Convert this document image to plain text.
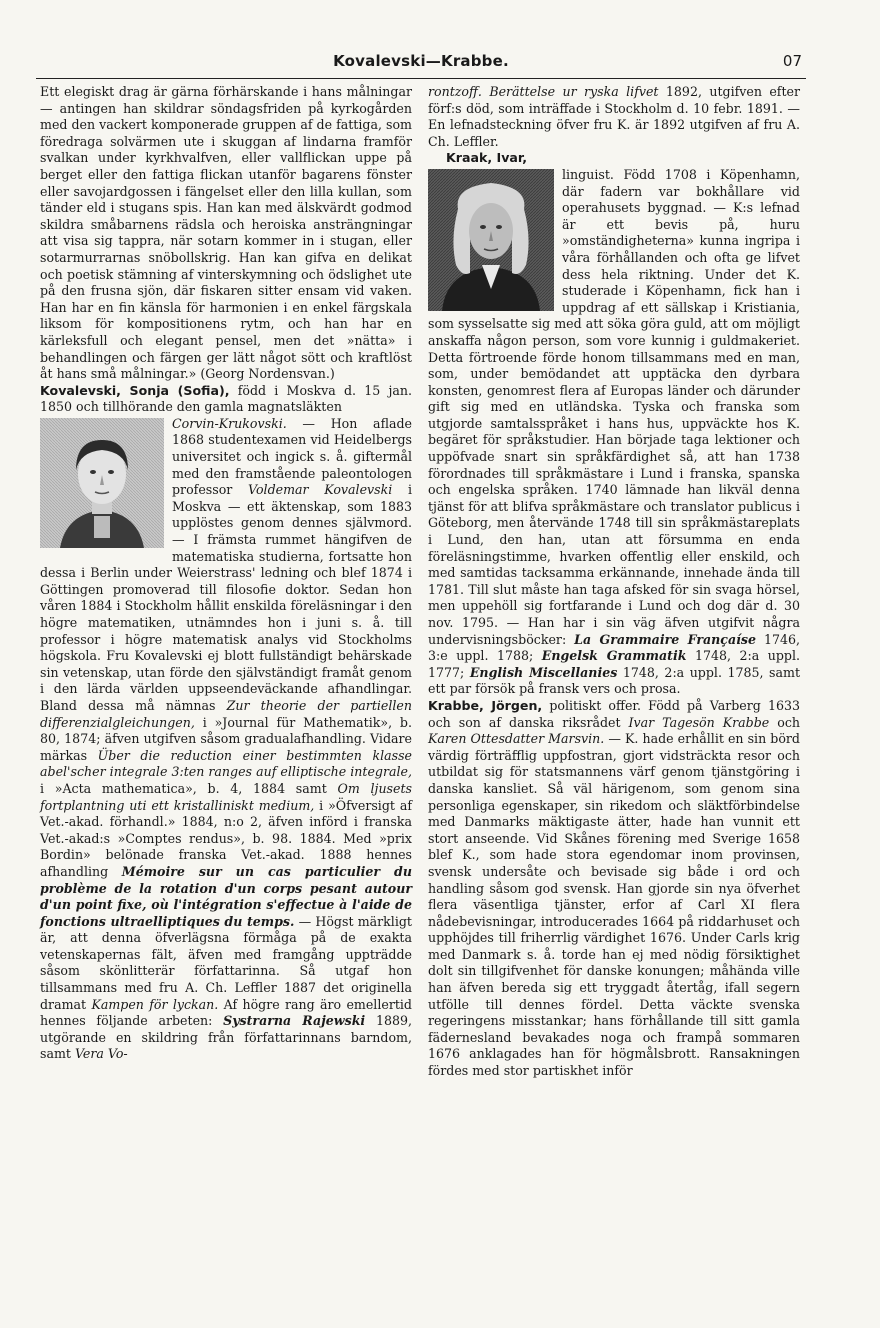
Kovalevski—Krabbe.	07

Ett elegiskt drag är gärna förhärskande i hans målningar — antingen han skildrar söndagsfriden på kyrkogården med den vackert komponerade gruppen af de fattiga, som föredraga solvärmen ute i skuggan af lindarna framför svalkan under kyrkhvalfven, eller vallflickan uppe på berget eller den fattiga flickan utanför bagarens fönster eller savojardgossen i fängelset eller den lilla kullan, som tänder eld i stugans spis. Han kan med älskvärdt godmod skildra småbarnens rädsla och heroiska ansträngningar att visa sig tappra, när sotarn kommer in i stugan, eller sotarmurrarnas snöbollskrig. Han kan gifva en delikat och poetisk stämning af vinterskymning och ödslighet ute på den frusna sjön, där fiskaren sitter ensam vid vaken. Han har en fin känsla för harmonien i en enkel färgskala liksom för kompositionens rytm, och han har en kärleksfull och elegant pensel, men det »nätta» i behandlingen och färgen ger lätt något sött och kraftlöst åt hans små målningar.» (Georg Nordensvan.)

Kovalevski, Sonja (Sofia), född i Moskva d. 15 jan. 1850 och tillhörande den gamla magnatsläkten

Corvin-Krukovski. — Hon aflade 1868 studentexamen vid Heidelbergs universitet och ingick s. å. giftermål med den framstående paleontologen professor Voldemar Kovalevski i Moskva — ett äktenskap, som 1883 upplöstes genom dennes självmord. — I främsta rummet hängifven de matematiska studierna, fortsatte hon dessa i Berlin under Weierstrass' ledning och blef 1874 i Göttingen promoverad till filosofie doktor. Sedan hon våren 1884 i Stockholm hållit enskilda föreläsningar i den högre matematiken, utnämndes hon i juni s. å. till professor i högre matematisk analys vid Stockholms högskola. Fru Kovalevski ej blott fullständigt behärskade sin vetenskap, utan förde den självständigt framåt genom i den lärda världen uppseendeväckande afhandlingar. Bland dessa må nämnas Zur theorie der partiellen differenzialgleichungen, i »Journal für Mathematik», b. 80, 1874; äfven utgifven såsom gradualafhandling. Vidare märkas Über die reduction einer bestimmten klasse abel'scher integrale 3:ten ranges auf elliptische integrale, i »Acta mathematica», b. 4, 1884 samt Om ljusets fortplantning uti ett kristalliniskt medium, i »Öfversigt af Vet.-akad. förhandl.» 1884, n:o 2, äfven införd i franska Vet.-akad:s »Comptes rendus», b. 98. 1884. Med »prix Bordin» belönade franska Vet.-akad. 1888 hennes afhandling Mémoire sur un cas particulier du problème de la rotation d'un corps pesant autour d'un point fixe, où l'intégration s'effectue à l'aide de fonctions ultraelliptiques du temps. — Högst märkligt är, att denna öfverlägsna förmåga på de exakta vetenskapernas fält, äfven med framgång uppträdde såsom skönlitterär författarinna. Så utgaf hon tillsammans med fru A. Ch. Leffler 1887 det originella dramat Kampen för lyckan. Af högre rang äro emellertid hennes följande arbeten: Systrarna Rajewski 1889, utgörande en skildring från författarinnans barndom, samt Vera Vo-

rontzoff. Berättelse ur ryska lifvet 1892, utgifven efter förf:s död, som inträffade i Stockholm d. 10 febr. 1891. — En lefnadsteckning öfver fru K. är 1892 utgifven af fru A. Ch. Leffler.

Kraak, Ivar,

linguist. Född 1708 i Köpenhamn, där fadern var bokhållare vid operahusets byggnad. — K:s lefnad är ett bevis på, huru »omständigheterna» kunna ingripa i våra förhållanden och ofta ge lifvet dess hela riktning. Under det K. studerade i Köpenhamn, fick han i uppdrag af ett sällskap i Kristiania, som sysselsatte sig med att söka göra guld, att om möjligt anskaffa någon person, som vore kunnig i guldmakeriet. Detta förtroende förde honom tillsammans med en man, som, under bemödandet att upptäcka den dyrbara konsten, genomrest flera af Europas länder och därunder gift sig med en utländska. Tyska och franska som utgjorde samtalsspråket i hans hus, uppväckte hos K. begäret för språkstudier. Han började taga lektioner och uppöfvade snart sin språkfärdighet så, att han 1738 förordnades till språkmästare i Lund i franska, spanska och engelska språken. 1740 lämnade han likväl denna tjänst för att blifva språkmästare och translator publicus i Göteborg, men återvände 1748 till sin språkmästareplats i Lund, den han, utan att försumma en enda föreläsningstimme, hvarken offentlig eller enskild, och med samtidas tacksamma erkännande, innehade ända till 1781. Till slut måste han taga afsked för sin svaga hörsel, men uppehöll sig fortfarande i Lund och dog där d. 30 nov. 1795. — Han har i sin väg äfven utgifvit några undervisningsböcker: La Grammaire Françaíse 1746, 3:e uppl. 1788; Engelsk Grammatik 1748, 2:a uppl. 1777; English Miscellanies 1748, 2:a uppl. 1785, samt ett par försök på fransk vers och prosa.

Krabbe, Jörgen, politiskt offer. Född på Varberg 1633 och son af danska riksrådet Ivar Tagesön Krabbe och Karen Ottesdatter Marsvin. — K. hade erhållit en sin börd värdig förträfflig uppfostran, gjort vidsträckta resor och utbildat sig för statsmannens värf genom tjänstgöring i danska kansliet. Så väl härigenom, som genom sina personliga egenskaper, sin rikedom och släktförbindelse med Danmarks mäktigaste ätter, hade han vunnit ett stort anseende. Vid Skånes förening med Sverige 1658 blef K., som hade stora egendomar inom provinsen, svensk undersåte och bevisade sig både i ord och handling såsom god svensk. Han gjorde sin nya öfverhet flera väsentliga tjänster, erfor af Carl XI flera nådebevisningar, introducerades 1664 på riddarhuset och upphöjdes till friherrlig värdighet 1676. Under Carls krig med Danmark s. å. torde han ej med nödig försiktighet dolt sin tillgifvenhet för danske konungen; måhända ville han äfven bereda sig ett tryggadt återtåg, ifall segern utfölle till dennes fördel. Detta väckte svenska regeringens misstankar; hans förhållande till sitt gamla fädernesland bevakades noga och frampå sommaren 1676 anklagades han för högmålsbrott. Ransakningen fördes med stor partiskhet inför
